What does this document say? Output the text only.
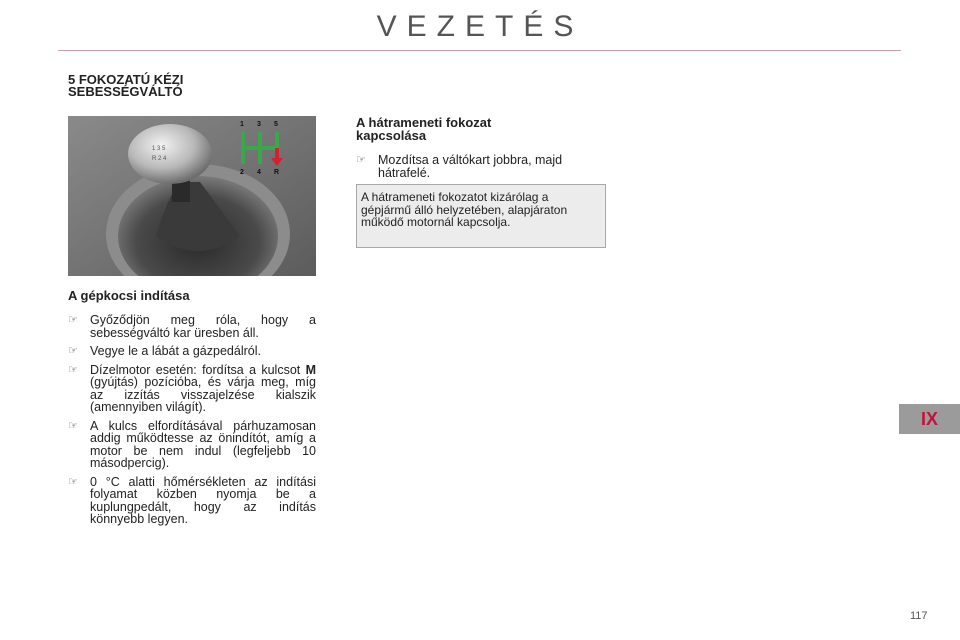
VEZETÉS
5 FOKOZATÚ KÉZI
SEBESSÉGVÁLTÓ
1 3 5
R 2 4
1 3 5
2 4 R
A gépkocsi indítása
☞ Győződjön meg róla, hogy a sebességváltó kar üresben áll.
☞ Vegye le a lábát a gázpedálról.
☞ Dízelmotor esetén: fordítsa a kulcsot M (gyújtás) pozícióba, és várja meg, míg az izzítás visszajelzése kialszik (amennyiben világít).
☞ A kulcs elfordításával párhuzamosan addig működtesse az önindítót, amíg a motor be nem indul (legfeljebb 10 másodpercig).
☞ 0 °C alatti hőmérsékleten az indítási folyamat közben nyomja be a kuplungpedált, hogy az indítás könnyebb legyen.
A hátrameneti fokozat
kapcsolása
☞ Mozdítsa a váltókart jobbra, majd hátrafelé.
A hátrameneti fokozatot kizárólag a gépjármű álló helyzetében, alapjáraton működő motornál kapcsolja.
IX
117
